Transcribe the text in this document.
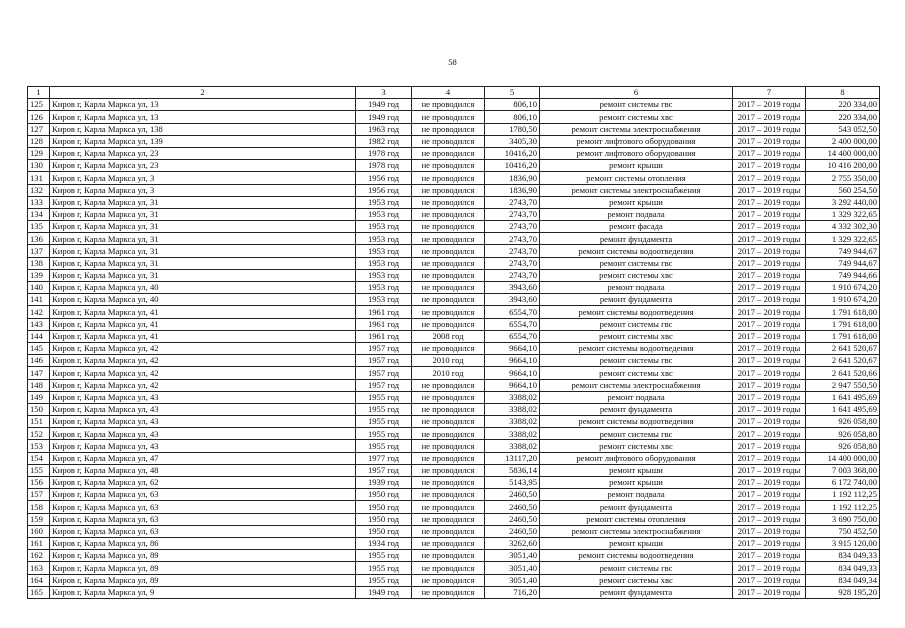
58
1	2	3	4	5	6	7	8
125	Киров г, Карла Маркса ул, 13	1949 год	не проводился	806,10	ремонт системы гвс	2017 – 2019 годы	220 334,00
126	Киров г, Карла Маркса ул, 13	1949 год	не проводился	806,10	ремонт системы хвс	2017 – 2019 годы	220 334,00
127	Киров г, Карла Маркса ул, 138	1963 год	не проводился	1780,50	ремонт системы электроснабжения	2017 – 2019 годы	543 052,50
128	Киров г, Карла Маркса ул, 139	1982 год	не проводился	3405,30	ремонт лифтового оборудования	2017 – 2019 годы	2 400 000,00
129	Киров г, Карла Маркса ул, 23	1978 год	не проводился	10416,20	ремонт лифтового оборудования	2017 – 2019 годы	14 400 000,00
130	Киров г, Карла Маркса ул, 23	1978 год	не проводился	10416,20	ремонт крыши	2017 – 2019 годы	10 416 200,00
131	Киров г, Карла Маркса ул, 3	1956 год	не проводился	1836,90	ремонт системы отопления	2017 – 2019 годы	2 755 350,00
132	Киров г, Карла Маркса ул, 3	1956 год	не проводился	1836,90	ремонт системы электроснабжения	2017 – 2019 годы	560 254,50
133	Киров г, Карла Маркса ул, 31	1953 год	не проводился	2743,70	ремонт крыши	2017 – 2019 годы	3 292 440,00
134	Киров г, Карла Маркса ул, 31	1953 год	не проводился	2743,70	ремонт подвала	2017 – 2019 годы	1 329 322,65
135	Киров г, Карла Маркса ул, 31	1953 год	не проводился	2743,70	ремонт фасада	2017 – 2019 годы	4 332 302,30
136	Киров г, Карла Маркса ул, 31	1953 год	не проводился	2743,70	ремонт фундамента	2017 – 2019 годы	1 329 322,65
137	Киров г, Карла Маркса ул, 31	1953 год	не проводился	2743,70	ремонт системы водоотведения	2017 – 2019 годы	749 944,67
138	Киров г, Карла Маркса ул, 31	1953 год	не проводился	2743,70	ремонт системы гвс	2017 – 2019 годы	749 944,67
139	Киров г, Карла Маркса ул, 31	1953 год	не проводился	2743,70	ремонт системы хвс	2017 – 2019 годы	749 944,66
140	Киров г, Карла Маркса ул, 40	1953 год	не проводился	3943,60	ремонт подвала	2017 – 2019 годы	1 910 674,20
141	Киров г, Карла Маркса ул, 40	1953 год	не проводился	3943,60	ремонт фундамента	2017 – 2019 годы	1 910 674,20
142	Киров г, Карла Маркса ул, 41	1961 год	не проводился	6554,70	ремонт системы водоотведения	2017 – 2019 годы	1 791 618,00
143	Киров г, Карла Маркса ул, 41	1961 год	не проводился	6554,70	ремонт системы гвс	2017 – 2019 годы	1 791 618,00
144	Киров г, Карла Маркса ул, 41	1961 год	2008 год	6554,70	ремонт системы хвс	2017 – 2019 годы	1 791 618,00
145	Киров г, Карла Маркса ул, 42	1957 год	не проводился	9664,10	ремонт системы водоотведения	2017 – 2019 годы	2 641 520,67
146	Киров г, Карла Маркса ул, 42	1957 год	2010 год	9664,10	ремонт системы гвс	2017 – 2019 годы	2 641 520,67
147	Киров г, Карла Маркса ул, 42	1957 год	2010 год	9664,10	ремонт системы хвс	2017 – 2019 годы	2 641 520,66
148	Киров г, Карла Маркса ул, 42	1957 год	не проводился	9664,10	ремонт системы электроснабжения	2017 – 2019 годы	2 947 550,50
149	Киров г, Карла Маркса ул, 43	1955 год	не проводился	3388,02	ремонт подвала	2017 – 2019 годы	1 641 495,69
150	Киров г, Карла Маркса ул, 43	1955 год	не проводился	3388,02	ремонт фундамента	2017 – 2019 годы	1 641 495,69
151	Киров г, Карла Маркса ул, 43	1955 год	не проводился	3388,02	ремонт системы водоотведения	2017 – 2019 годы	926 058,80
152	Киров г, Карла Маркса ул, 43	1955 год	не проводился	3388,02	ремонт системы гвс	2017 – 2019 годы	926 058,80
153	Киров г, Карла Маркса ул, 43	1955 год	не проводился	3388,02	ремонт системы хвс	2017 – 2019 годы	926 058,80
154	Киров г, Карла Маркса ул, 47	1977 год	не проводился	13117,20	ремонт лифтового оборудования	2017 – 2019 годы	14 400 000,00
155	Киров г, Карла Маркса ул, 48	1957 год	не проводился	5836,14	ремонт крыши	2017 – 2019 годы	7 003 368,00
156	Киров г, Карла Маркса ул, 62	1939 год	не проводился	5143,95	ремонт крыши	2017 – 2019 годы	6 172 740,00
157	Киров г, Карла Маркса ул, 63	1950 год	не проводился	2460,50	ремонт подвала	2017 – 2019 годы	1 192 112,25
158	Киров г, Карла Маркса ул, 63	1950 год	не проводился	2460,50	ремонт фундамента	2017 – 2019 годы	1 192 112,25
159	Киров г, Карла Маркса ул, 63	1950 год	не проводился	2460,50	ремонт системы отопления	2017 – 2019 годы	3 690 750,00
160	Киров г, Карла Маркса ул, 63	1950 год	не проводился	2460,50	ремонт системы электроснабжения	2017 – 2019 годы	750 452,50
161	Киров г, Карла Маркса ул, 86	1934 год	не проводился	3262,60	ремонт крыши	2017 – 2019 годы	3 915 120,00
162	Киров г, Карла Маркса ул, 89	1955 год	не проводился	3051,40	ремонт системы водоотведения	2017 – 2019 годы	834 049,33
163	Киров г, Карла Маркса ул, 89	1955 год	не проводился	3051,40	ремонт системы гвс	2017 – 2019 годы	834 049,33
164	Киров г, Карла Маркса ул, 89	1955 год	не проводился	3051,40	ремонт системы хвс	2017 – 2019 годы	834 049,34
165	Киров г, Карла Маркса ул, 9	1949 год	не проводился	716,20	ремонт фундамента	2017 – 2019 годы	928 195,20
